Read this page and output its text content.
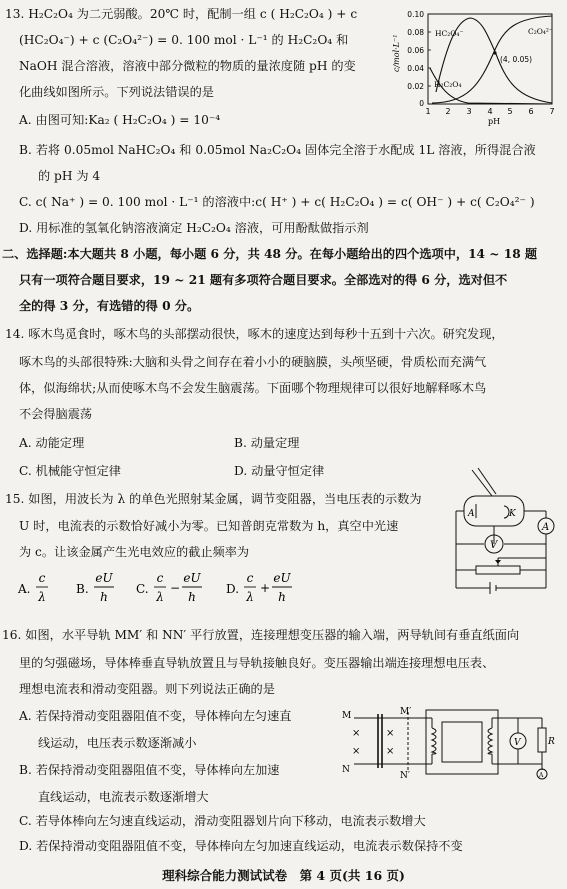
13. H₂C₂O₄ 为二元弱酸。20℃ 时，配制一组 c ( H₂C₂O₄ ) + c
(HC₂O₄⁻) + c (C₂O₄²⁻) = 0. 100 mol · L⁻¹ 的 H₂C₂O₄ 和
NaOH 混合溶液，溶液中部分微粒的物质的量浓度随 pH 的变
化曲线如图所示。下列说法错误的是
A. 由图可知:Ka₂ ( H₂C₂O₄ ) = 10⁻⁴
B. 若将 0.05mol NaHC₂O₄ 和 0.05mol Na₂C₂O₄ 固体完全溶于水配成 1L 溶液，所得混合液
的 pH 为 4
C. c( Na⁺ ) = 0. 100 mol · L⁻¹ 的溶液中:c( H⁺ ) + c( H₂C₂O₄ ) = c( OH⁻ ) + c( C₂O₄²⁻ )
D. 用标准的氢氧化钠溶液滴定 H₂C₂O₄ 溶液，可用酚酞做指示剂
c/mol·L⁻¹
0.10
0.08
0.06
0.04
0.02
0
1 2 3 4 5 6 7
pH
HC₂O₄⁻	C₂O₄²⁻
H₂C₂O₄
(4, 0.05)
二、选择题:本大题共 8 小题，每小题 6 分，共 48 分。在每小题给出的四个选项中，14 ~ 18 题
只有一项符合题目要求，19 ~ 21 题有多项符合题目要求。全部选对的得 6 分，选对但不
全的得 3 分，有选错的得 0 分。
14. 啄木鸟觅食时，啄木鸟的头部摆动很快，啄木的速度达到每秒十五到十六次。研究发现，
啄木鸟的头部很特殊:大脑和头骨之间存在着小小的硬脑膜，头颅坚硬，骨质松而充满气
体，似海绵状;从而使啄木鸟不会发生脑震荡。下面哪个物理规律可以很好地解释啄木鸟
不会得脑震荡
A. 动能定理	B. 动量定理
C. 机械能守恒定律	D. 动量守恒定律
15. 如图，用波长为 λ 的单色光照射某金属，调节变阻器，当电压表的示数为
U 时，电流表的示数恰好减小为零。已知普朗克常数为 h，真空中光速
为 c。让该金属产生光电效应的截止频率为
A.
c
λ
B.
eU
h
C.
c
λ
−
eU
h
D.
c
λ
+
eU
h
A	K
A
V
16. 如图，水平导轨 MM′ 和 NN′ 平行放置，连接理想变压器的输入端，两导轨间有垂直纸面向
里的匀强磁场，导体棒垂直导轨放置且与导轨接触良好。变压器输出端连接理想电压表、
理想电流表和滑动变阻器。则下列说法正确的是
A. 若保持滑动变阻器阻值不变，导体棒向左匀速直
线运动，电压表示数逐渐减小
B. 若保持滑动变阻器阻值不变，导体棒向左加速
直线运动，电流表示数逐渐增大
C. 若导体棒向左匀速直线运动，滑动变阻器划片向下移动，电流表示数增大
D. 若保持滑动变阻器阻值不变，导体棒向左匀加速直线运动，电流表示数保持不变
M	M′
N
N′
×	×
×	×
V	R
A
理科综合能力测试试卷　第 4 页(共 16 页)
